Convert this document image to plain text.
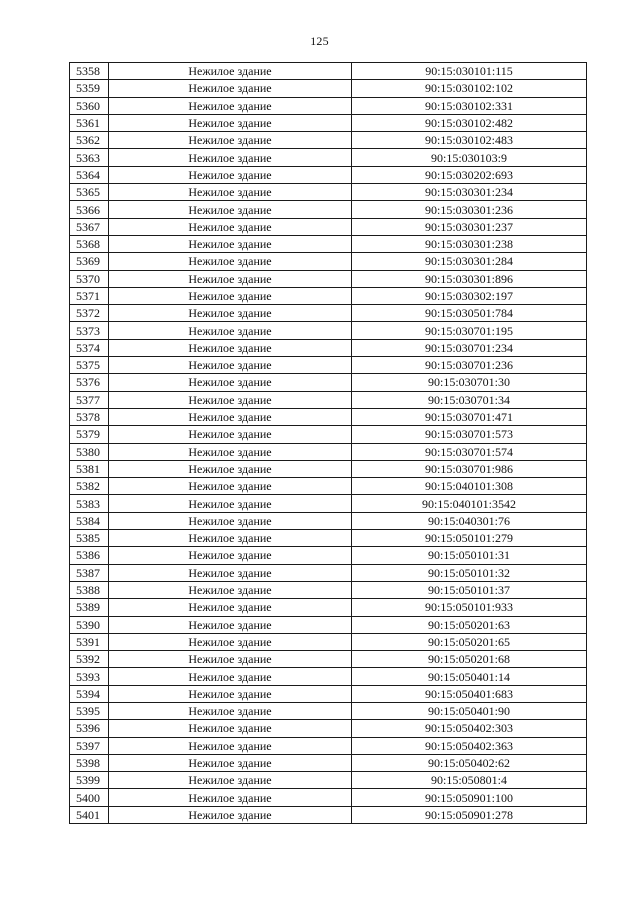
125
5358	Нежилое здание	90:15:030101:115
5359	Нежилое здание	90:15:030102:102
5360	Нежилое здание	90:15:030102:331
5361	Нежилое здание	90:15:030102:482
5362	Нежилое здание	90:15:030102:483
5363	Нежилое здание	90:15:030103:9
5364	Нежилое здание	90:15:030202:693
5365	Нежилое здание	90:15:030301:234
5366	Нежилое здание	90:15:030301:236
5367	Нежилое здание	90:15:030301:237
5368	Нежилое здание	90:15:030301:238
5369	Нежилое здание	90:15:030301:284
5370	Нежилое здание	90:15:030301:896
5371	Нежилое здание	90:15:030302:197
5372	Нежилое здание	90:15:030501:784
5373	Нежилое здание	90:15:030701:195
5374	Нежилое здание	90:15:030701:234
5375	Нежилое здание	90:15:030701:236
5376	Нежилое здание	90:15:030701:30
5377	Нежилое здание	90:15:030701:34
5378	Нежилое здание	90:15:030701:471
5379	Нежилое здание	90:15:030701:573
5380	Нежилое здание	90:15:030701:574
5381	Нежилое здание	90:15:030701:986
5382	Нежилое здание	90:15:040101:308
5383	Нежилое здание	90:15:040101:3542
5384	Нежилое здание	90:15:040301:76
5385	Нежилое здание	90:15:050101:279
5386	Нежилое здание	90:15:050101:31
5387	Нежилое здание	90:15:050101:32
5388	Нежилое здание	90:15:050101:37
5389	Нежилое здание	90:15:050101:933
5390	Нежилое здание	90:15:050201:63
5391	Нежилое здание	90:15:050201:65
5392	Нежилое здание	90:15:050201:68
5393	Нежилое здание	90:15:050401:14
5394	Нежилое здание	90:15:050401:683
5395	Нежилое здание	90:15:050401:90
5396	Нежилое здание	90:15:050402:303
5397	Нежилое здание	90:15:050402:363
5398	Нежилое здание	90:15:050402:62
5399	Нежилое здание	90:15:050801:4
5400	Нежилое здание	90:15:050901:100
5401	Нежилое здание	90:15:050901:278
